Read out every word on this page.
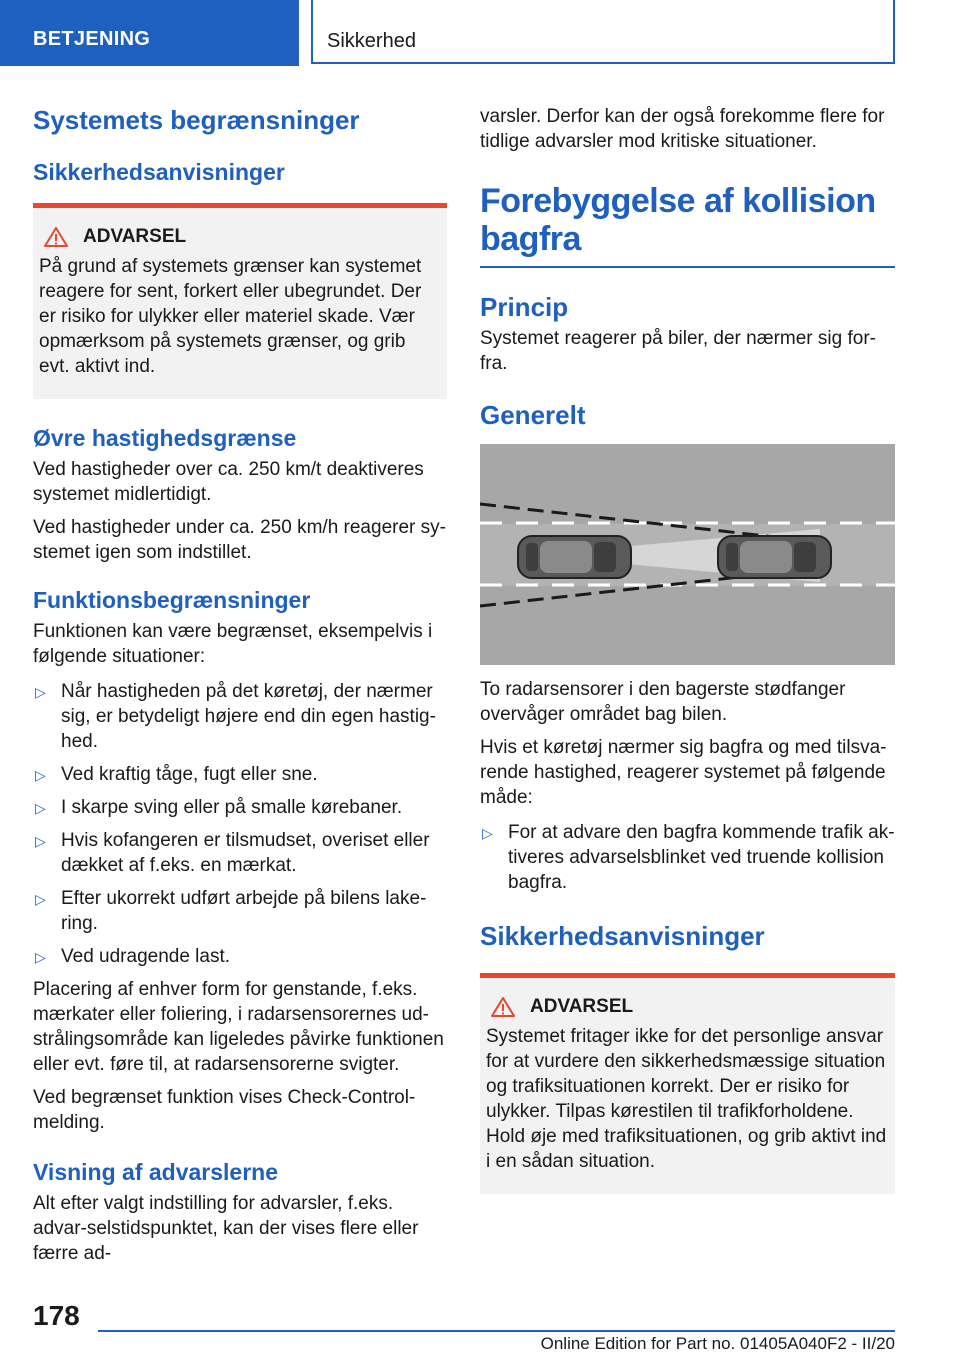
BETJENING	Sikkerhed
Systemets begrænsninger
Sikkerhedsanvisninger
ADVARSEL

På grund af systemets grænser kan systemet reagere for sent, forkert eller ubegrundet. Der er risiko for ulykker eller materiel skade. Vær opmærksom på systemets grænser, og grib evt. aktivt ind.

Øvre hastighedsgrænse

Ved hastigheder over ca. 250 km/t deaktiveres systemet midlertidigt.

Ved hastigheder under ca. 250 km/h reagerer sy-stemet igen som indstillet.

Funktionsbegrænsninger

Funktionen kan være begrænset, eksempelvis i følgende situationer:

▷ Når hastigheden på det køretøj, der nærmer sig, er betydeligt højere end din egen hastig-hed.
▷ Ved kraftig tåge, fugt eller sne.
▷ I skarpe sving eller på smalle kørebaner.
▷ Hvis kofangeren er tilsmudset, overiset eller dækket af f.eks. en mærkat.
▷ Efter ukorrekt udført arbejde på bilens lake-ring.
▷ Ved udragende last.

Placering af enhver form for genstande, f.eks. mærkater eller foliering, i radarsensorernes ud-strålingsområde kan ligeledes påvirke funktionen eller evt. føre til, at radarsensorerne svigter.

Ved begrænset funktion vises Check-Control-melding.

Visning af advarslerne

Alt efter valgt indstilling for advarsler, f.eks. advar-selstidspunktet, kan der vises flere eller færre ad-

varsler. Derfor kan der også forekomme flere for tidlige advarsler mod kritiske situationer.

Forebyggelse af kollision
bagfra
Princip

Systemet reagerer på biler, der nærmer sig for-fra.

Generelt

To radarsensorer i den bagerste stødfanger overvåger området bag bilen.

Hvis et køretøj nærmer sig bagfra og med tilsva-rende hastighed, reagerer systemet på følgende måde:

▷ For at advare den bagfra kommende trafik ak-tiveres advarselsblinket ved truende kollision bagfra.
Sikkerhedsanvisninger
ADVARSEL

Systemet fritager ikke for det personlige ansvar for at vurdere den sikkerhedsmæssige situation og trafiksituationen korrekt. Der er risiko for ulykker. Tilpas kørestilen til trafikforholdene. Hold øje med trafiksituationen, og grib aktivt ind i en sådan situation.

178
Online Edition for Part no. 01405A040F2 - II/20
